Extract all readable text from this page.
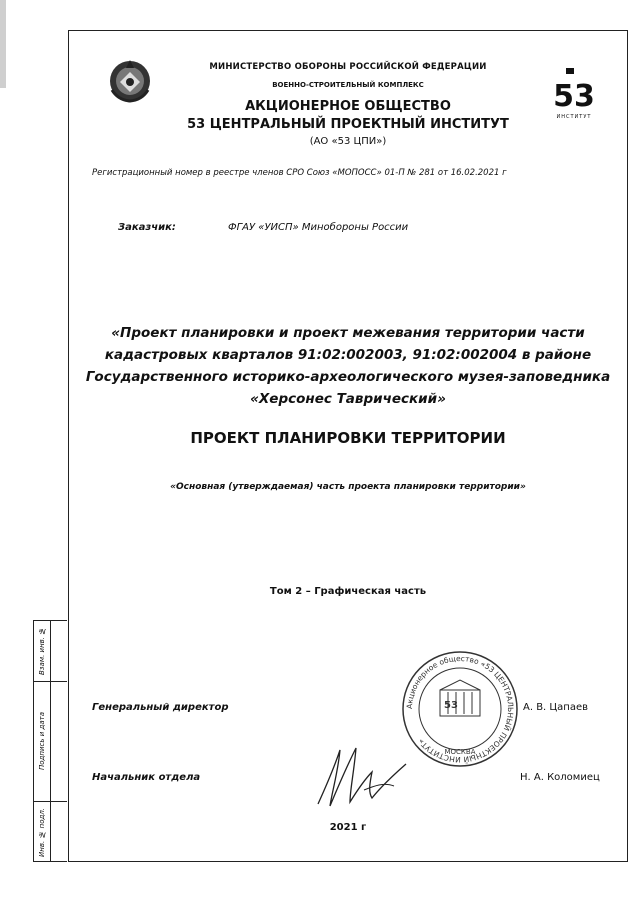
Взам. инв. №
Подпись и дата
Инв. № подл.
МИНИСТЕРСТВО ОБОРОНЫ РОССИЙСКОЙ ФЕДЕРАЦИИ
ВОЕННО-СТРОИТЕЛЬНЫЙ КОМПЛЕКС
АКЦИОНЕРНОЕ ОБЩЕСТВО
53 ЦЕНТРАЛЬНЫЙ ПРОЕКТНЫЙ ИНСТИТУТ
(АО «53 ЦПИ»)
53
ИНСТИТУТ
Регистрационный номер в реестре членов СРО Союз «МОПОСС» 01-П № 281 от 16.02.2021 г
Заказчик:	ФГАУ «УИСП» Минобороны России
«Проект планировки и проект межевания территории части
кадастровых кварталов 91:02:002003, 91:02:002004 в районе
Государственного историко-археологического музея-заповедника
«Херсонес Таврический»
ПРОЕКТ ПЛАНИРОВКИ ТЕРРИТОРИИ
«Основная (утверждаемая) часть проекта планировки территории»
Том 2 – Графическая часть
Акционерное общество «53 ЦЕНТРАЛЬНЫЙ ПРОЕКТНЫЙ ИНСТИТУТ»
53
МОСКВА
Генеральный директор	А. В. Цапаев
Начальник отдела	Н. А. Коломиец
2021 г
